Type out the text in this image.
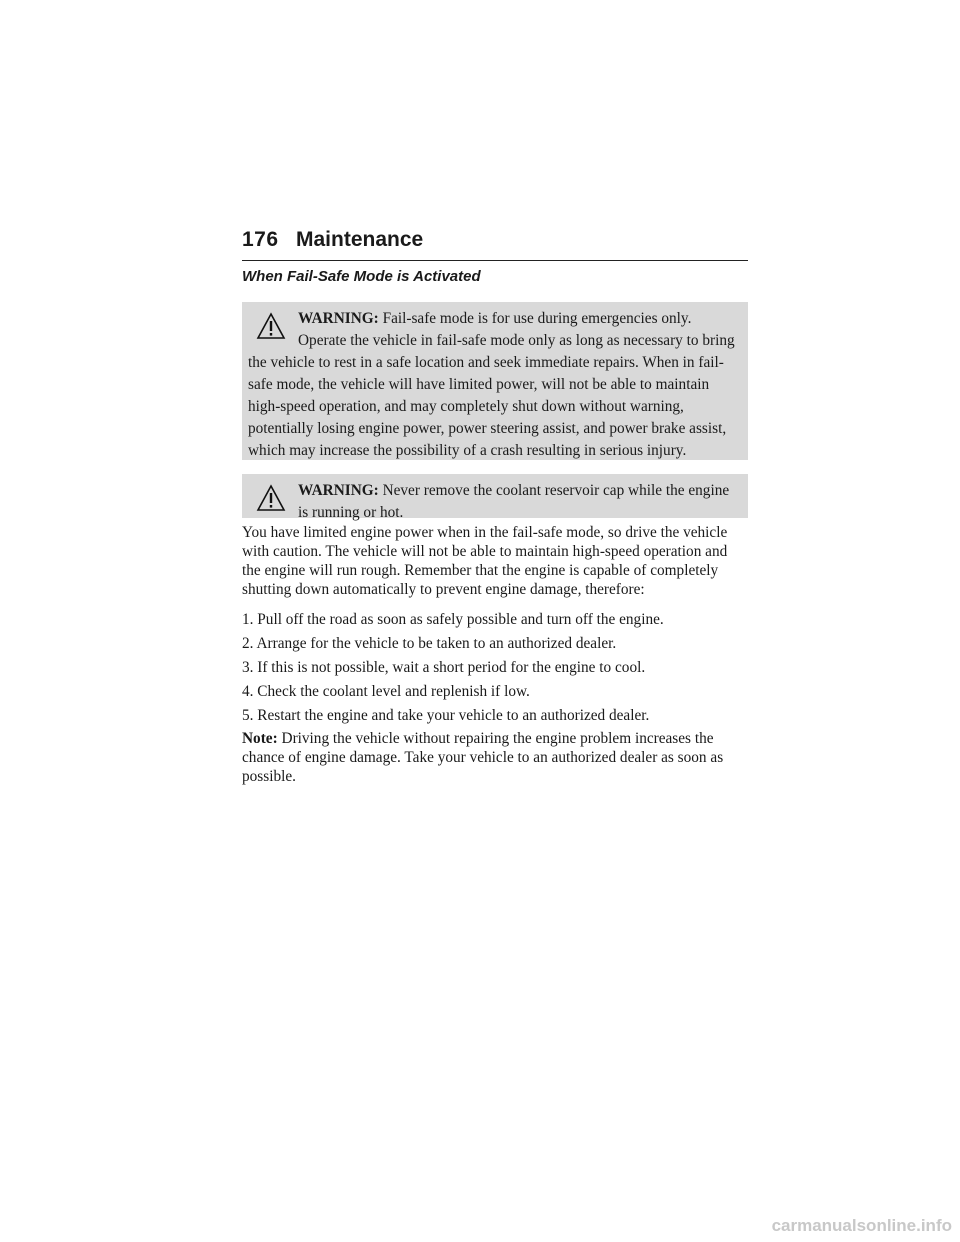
176 Maintenance
When Fail-Safe Mode is Activated
WARNING: Fail-safe mode is for use during emergencies only. Operate the vehicle in fail-safe mode only as long as necessary to bring the vehicle to rest in a safe location and seek immediate repairs. When in fail-safe mode, the vehicle will have limited power, will not be able to maintain high-speed operation, and may completely shut down without warning, potentially losing engine power, power steering assist, and power brake assist, which may increase the possibility of a crash resulting in serious injury.
WARNING: Never remove the coolant reservoir cap while the engine is running or hot.
You have limited engine power when in the fail-safe mode, so drive the vehicle with caution. The vehicle will not be able to maintain high-speed operation and the engine will run rough. Remember that the engine is capable of completely shutting down automatically to prevent engine damage, therefore:

1. Pull off the road as soon as safely possible and turn off the engine.

2. Arrange for the vehicle to be taken to an authorized dealer.

3. If this is not possible, wait a short period for the engine to cool.

4. Check the coolant level and replenish if low.

5. Restart the engine and take your vehicle to an authorized dealer.

Note: Driving the vehicle without repairing the engine problem increases the chance of engine damage. Take your vehicle to an authorized dealer as soon as possible.
carmanualsonline.info
